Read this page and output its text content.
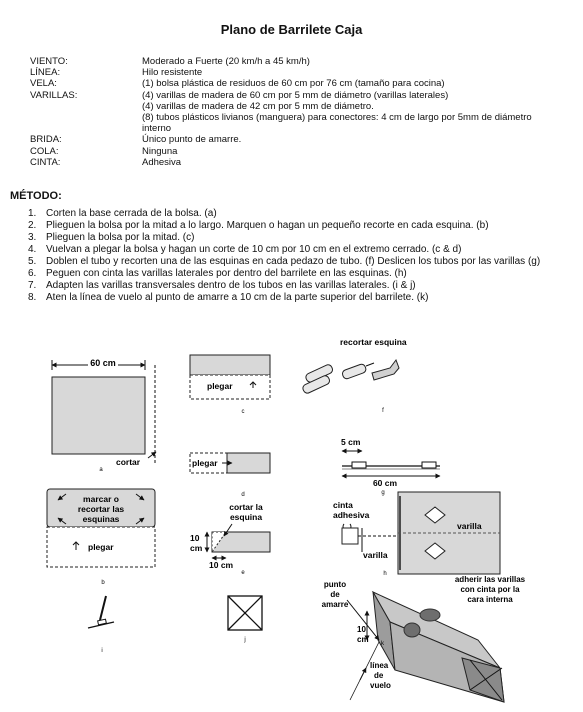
Plano de Barrilete Caja
VIENTO:	Moderado a Fuerte (20 km/h a 45 km/h)
LÍNEA:	Hilo resistente
VELA:	(1) bolsa plástica de residuos de 60 cm por 76 cm (tamaño para cocina)
VARILLAS:	(4) varillas de madera de 60 cm por 5 mm de diámetro (varillas laterales)
(4) varillas de madera de 42 cm por 5 mm de diámetro.
(8) tubos plásticos livianos (manguera) para conectores: 4 cm de largo por 5mm de diámetro interno
BRIDA:	Único punto de amarre.
COLA:	Ninguna
CINTA:	Adhesiva
MÉTODO:
1. Corten la base cerrada de la bolsa. (a)
2. Plieguen la bolsa por la mitad a lo largo. Marquen o hagan un pequeño recorte en cada esquina. (b)
3. Plieguen la bolsa por la mitad. (c)
4. Vuelvan a plegar la bolsa y hagan un corte de 10 cm por 10 cm en el extremo cerrado. (c & d)
5. Doblen el tubo y recorten una de las esquinas en cada pedazo de tubo. (f) Deslicen los tubos por las varillas (g)
6. Peguen con cinta las varillas laterales por dentro del barrilete en las esquinas. (h)
7. Adapten las varillas transversales dentro de los tubos en las varillas laterales. (i & j)
8. Aten la línea de vuelo al punto de amarre a 10 cm de la parte superior del barrilete. (k)
60 cm
cortar
a
plegar
c
plegar
d
recortar esquina
f
5 cm
60 cm
g
marcar o
recortar las
esquinas
plegar
b
cortar la
esquina
10
cm
10 cm
e
varilla
cinta
adhesiva
varilla
h
adherir las varillas
con cinta por la
cara interna
i
j
punto
de
amarre
10
cm k
línea
de
vuelo
